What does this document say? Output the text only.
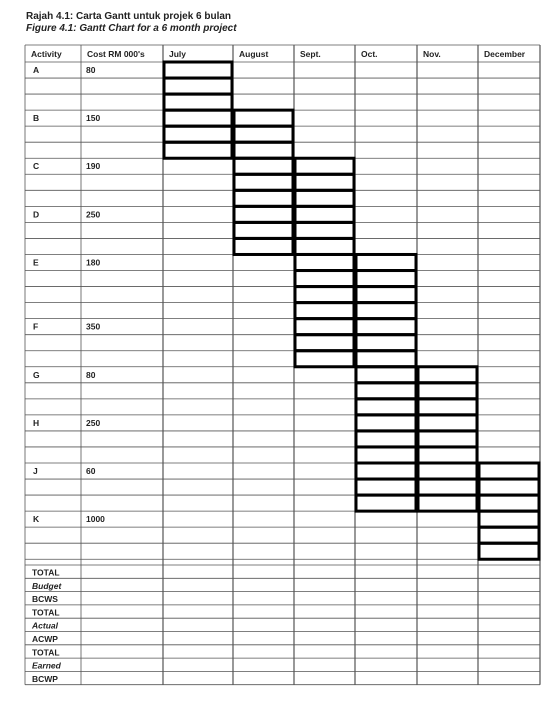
Rajah 4.1: Carta Gantt untuk projek 6 bulan
Figure 4.1: Gantt Chart for a 6 month project
Activity	Cost RM 000's	July	August	Sept.	Oct.	Nov.	December
A	80
B	150
C	190
D	250
E	180
F	350
G	80
H	250
J	60
K	1000
TOTAL
Budget
BCWS
TOTAL
Actual
ACWP
TOTAL
Earned
BCWP
